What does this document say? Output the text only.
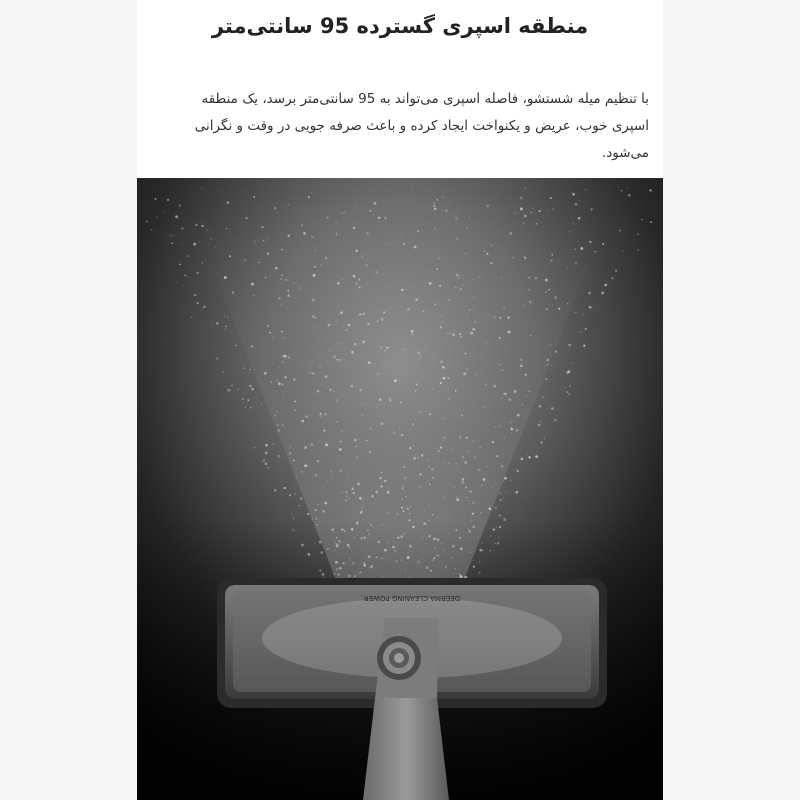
منطقه اسپری گسترده 95 سانتی‌متر
با تنظیم میله شستشو، فاصله اسپری می‌تواند به 95 سانتی‌متر برسد، یک منطقه
اسپری خوب، عریض و یکنواخت ایجاد کرده و باعث صرفه جویی در وقت و نگرانی می‌شود.
DEERMA CLEANING POWER
